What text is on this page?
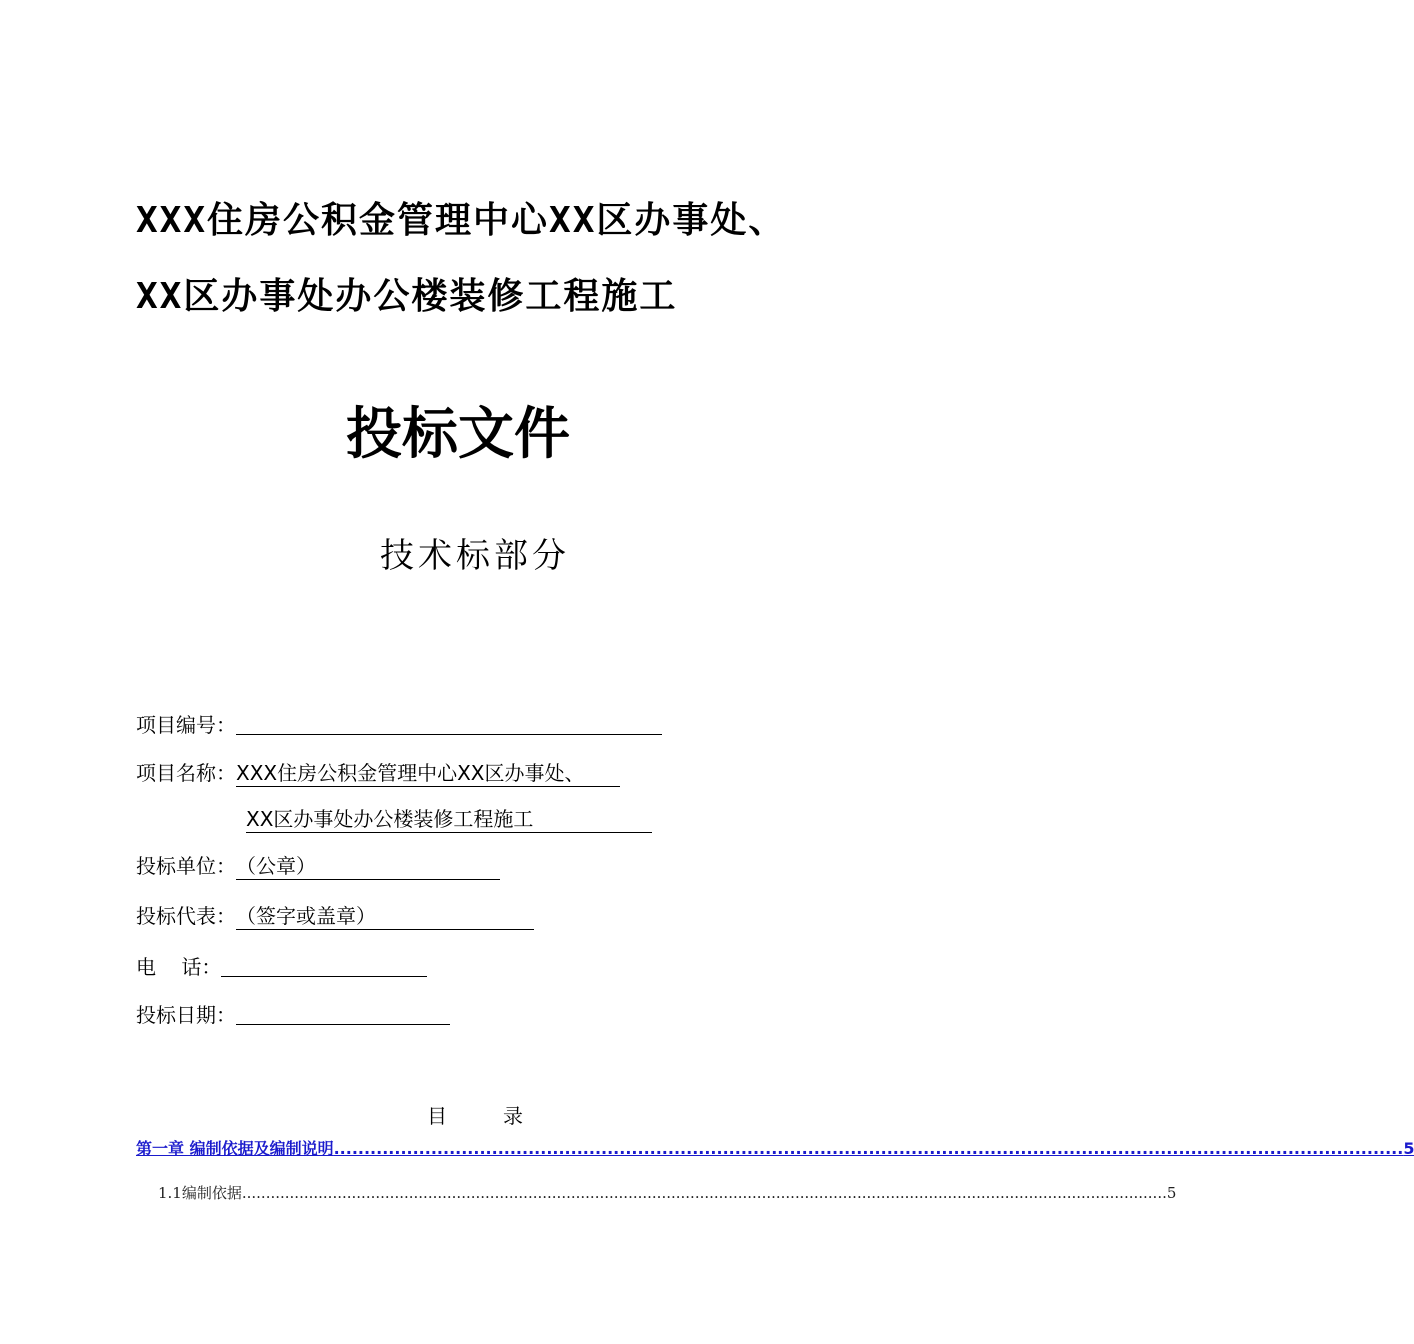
XXX住房公积金管理中心XX区办事处、
XX区办事处办公楼装修工程施工
投标文件
技术标部分
项目编号：
项目名称：XXX住房公积金管理中心XX区办事处、
XX区办事处办公楼装修工程施工
投标单位：（公章）
投标代表：（签字或盖章）
电    话：
投标日期：
目	录
第一章 编制依据及编制说明 ................................................................................................................................................................................ 5
1.1编制依据 .................................................................................................................................................................................................. 5
